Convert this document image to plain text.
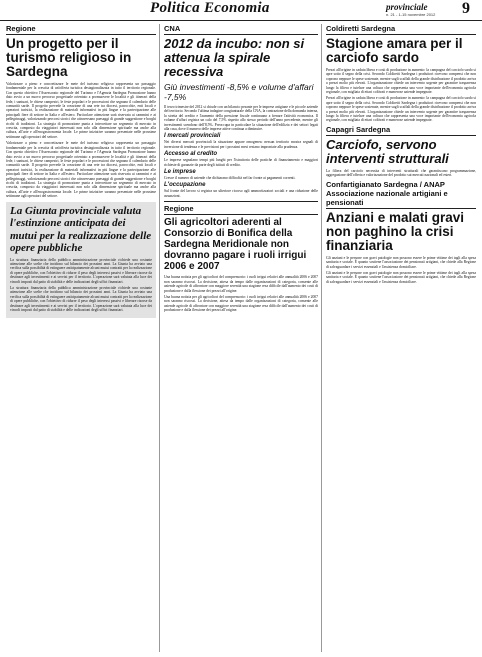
Politica Economia	provinciale
n. 21 - 1-15 novembre 2012 9
Regione
Un progetto per il turismo religioso in Sardegna

Valorizzare a pieno e concretizzare le mete del turismo religioso rappresenta un passaggio fondamentale per la crescita di un'offerta turistica destagionalizzata in tutto il territorio regionale. Con questo obiettivo l'Assessorato regionale del Turismo e l'Agenzia Sardegna Promozione hanno dato avvio a un nuovo percorso progettuale orientato a promuovere le località e gli itinerari della fede, i santuari, le chiese campestri, le feste popolari e le processioni che segnano il calendario delle comunità sarde. Il progetto prevede la creazione di una rete tra diocesi, parrocchie, enti locali e operatori turistici, la realizzazione di materiali informativi in più lingue e la partecipazione alle principali fiere di settore in Italia e all'estero. Particolare attenzione sarà riservata ai cammini e ai pellegrinaggi, valorizzando percorsi storici che attraversano paesaggi di grande suggestione e borghi ricchi di tradizioni. La strategia di promozione punta a intercettare un segmento di mercato in crescita, composto da viaggiatori interessati non solo alla dimensione spirituale ma anche alla cultura, all'arte e all'enogastronomia locale. Le prime iniziative saranno presentate nelle prossime settimane agli operatori del settore.

Valorizzare a pieno e concretizzare le mete del turismo religioso rappresenta un passaggio fondamentale per la crescita di un'offerta turistica destagionalizzata in tutto il territorio regionale. Con questo obiettivo l'Assessorato regionale del Turismo e l'Agenzia Sardegna Promozione hanno dato avvio a un nuovo percorso progettuale orientato a promuovere le località e gli itinerari della fede, i santuari, le chiese campestri, le feste popolari e le processioni che segnano il calendario delle comunità sarde. Il progetto prevede la creazione di una rete tra diocesi, parrocchie, enti locali e operatori turistici, la realizzazione di materiali informativi in più lingue e la partecipazione alle principali fiere di settore in Italia e all'estero. Particolare attenzione sarà riservata ai cammini e ai pellegrinaggi, valorizzando percorsi storici che attraversano paesaggi di grande suggestione e borghi ricchi di tradizioni. La strategia di promozione punta a intercettare un segmento di mercato in crescita, composto da viaggiatori interessati non solo alla dimensione spirituale ma anche alla cultura, all'arte e all'enogastronomia locale. Le prime iniziative saranno presentate nelle prossime settimane agli operatori del settore.

La Giunta provinciale valuta l'estinzione anticipata dei mutui per la realizzazione delle opere pubbliche

La struttura finanziaria della pubblica amministrazione provinciale richiede una costante attenzione alle scelte che incidono sul bilancio dei prossimi anni. La Giunta ha avviato una verifica sulla possibilità di estinguere anticipatamente alcuni mutui contratti per la realizzazione di opere pubbliche, con l'obiettivo di ridurre il peso degli interessi passivi e liberare risorse da destinare agli investimenti e ai servizi per il territorio. L'operazione sarà valutata alla luce dei vincoli imposti dal patto di stabilità e delle indicazioni degli uffici finanziari.

La struttura finanziaria della pubblica amministrazione provinciale richiede una costante attenzione alle scelte che incidono sul bilancio dei prossimi anni. La Giunta ha avviato una verifica sulla possibilità di estinguere anticipatamente alcuni mutui contratti per la realizzazione di opere pubbliche, con l'obiettivo di ridurre il peso degli interessi passivi e liberare risorse da destinare agli investimenti e ai servizi per il territorio. L'operazione sarà valutata alla luce dei vincoli imposti dal patto di stabilità e delle indicazioni degli uffici finanziari.

CNA
2012 da incubo: non si attenua la spirale recessiva
Giù investimenti -8,5% e volume d'affari -7,5%

Il terzo trimestre del 2012 si chiude con un bilancio pesante per le imprese artigiane e le piccole aziende del territorio. Secondo l'ultima indagine congiunturale della CNA, la contrazione della domanda interna, la stretta del credito e l'aumento della pressione fiscale continuano a frenare l'attività economica. Il volume d'affari registra un calo del 7,5% rispetto allo stesso periodo dell'anno precedente, mentre gli investimenti scendono dell'8,5%. Preoccupa in particolare la situazione dell'edilizia e dei settori legati alla casa, dove il numero delle imprese attive continua a diminuire.

I mercati provinciali

Nei diversi mercati provinciali la situazione appare omogenea: nessun territorio mostra segnali di inversione di tendenza e le previsioni per i prossimi mesi restano improntate alla prudenza.

Accesso al credito

Le imprese segnalano tempi più lunghi per l'istruttoria delle pratiche di finanziamento e maggiori richieste di garanzie da parte degli istituti di credito.

Le imprese

Cresce il numero di aziende che dichiarano difficoltà nel far fronte ai pagamenti correnti.

L'occupazione

Sul fronte del lavoro si registra un ulteriore ricorso agli ammortizzatori sociali e una riduzione delle assunzioni.

Regione
Gli agricoltori aderenti al Consorzio di Bonifica della Sardegna Meridionale non dovranno pagare i ruoli irrigui 2006 e 2007

Una buona notizia per gli agricoltori del comprensorio: i ruoli irrigui relativi alle annualità 2006 e 2007 non saranno riscossi. La decisione, attesa da tempo dalle organizzazioni di categoria, consente alle aziende agricole di affrontare con maggiore serenità una stagione resa difficile dall'aumento dei costi di produzione e dalla flessione dei prezzi all'origine.

Una buona notizia per gli agricoltori del comprensorio: i ruoli irrigui relativi alle annualità 2006 e 2007 non saranno riscossi. La decisione, attesa da tempo dalle organizzazioni di categoria, consente alle aziende agricole di affrontare con maggiore serenità una stagione resa difficile dall'aumento dei costi di produzione e dalla flessione dei prezzi all'origine.

Coldiretti Sardegna
Stagione amara per il carciofo sardo

Prezzi all'origine in caduta libera e costi di produzione in aumento: la campagna del carciofo sardo si apre sotto il segno della crisi. Secondo Coldiretti Sardegna i produttori ricevono compensi che non coprono neppure le spese sostenute, mentre sugli scaffali della grande distribuzione il prodotto arriva a prezzi molto più elevati. L'organizzazione chiede un intervento urgente per garantire trasparenza lungo la filiera e tutelare una coltura che rappresenta una voce importante dell'economia agricola regionale, con migliaia di ettari coltivati e numerose aziende impegnate.

Prezzi all'origine in caduta libera e costi di produzione in aumento: la campagna del carciofo sardo si apre sotto il segno della crisi. Secondo Coldiretti Sardegna i produttori ricevono compensi che non coprono neppure le spese sostenute, mentre sugli scaffali della grande distribuzione il prodotto arriva a prezzi molto più elevati. L'organizzazione chiede un intervento urgente per garantire trasparenza lungo la filiera e tutelare una coltura che rappresenta una voce importante dell'economia agricola regionale, con migliaia di ettari coltivati e numerose aziende impegnate.

Capagri Sardegna
Carciofo, servono interventi strutturali

La filiera del carciofo necessita di interventi strutturali che garantiscano programmazione, aggregazione dell'offerta e valorizzazione del prodotto sui mercati nazionali ed esteri.

Confartigianato Sardegna / ANAP Associazione nazionale artigiani e pensionati
Anziani e malati gravi non paghino la crisi finanziaria

Gli anziani e le persone con gravi patologie non possono essere le prime vittime dei tagli alla spesa sanitaria e sociale. È quanto sostiene l'associazione dei pensionati artigiani, che chiede alla Regione di salvaguardare i servizi essenziali e l'assistenza domiciliare.

Gli anziani e le persone con gravi patologie non possono essere le prime vittime dei tagli alla spesa sanitaria e sociale. È quanto sostiene l'associazione dei pensionati artigiani, che chiede alla Regione di salvaguardare i servizi essenziali e l'assistenza domiciliare.
